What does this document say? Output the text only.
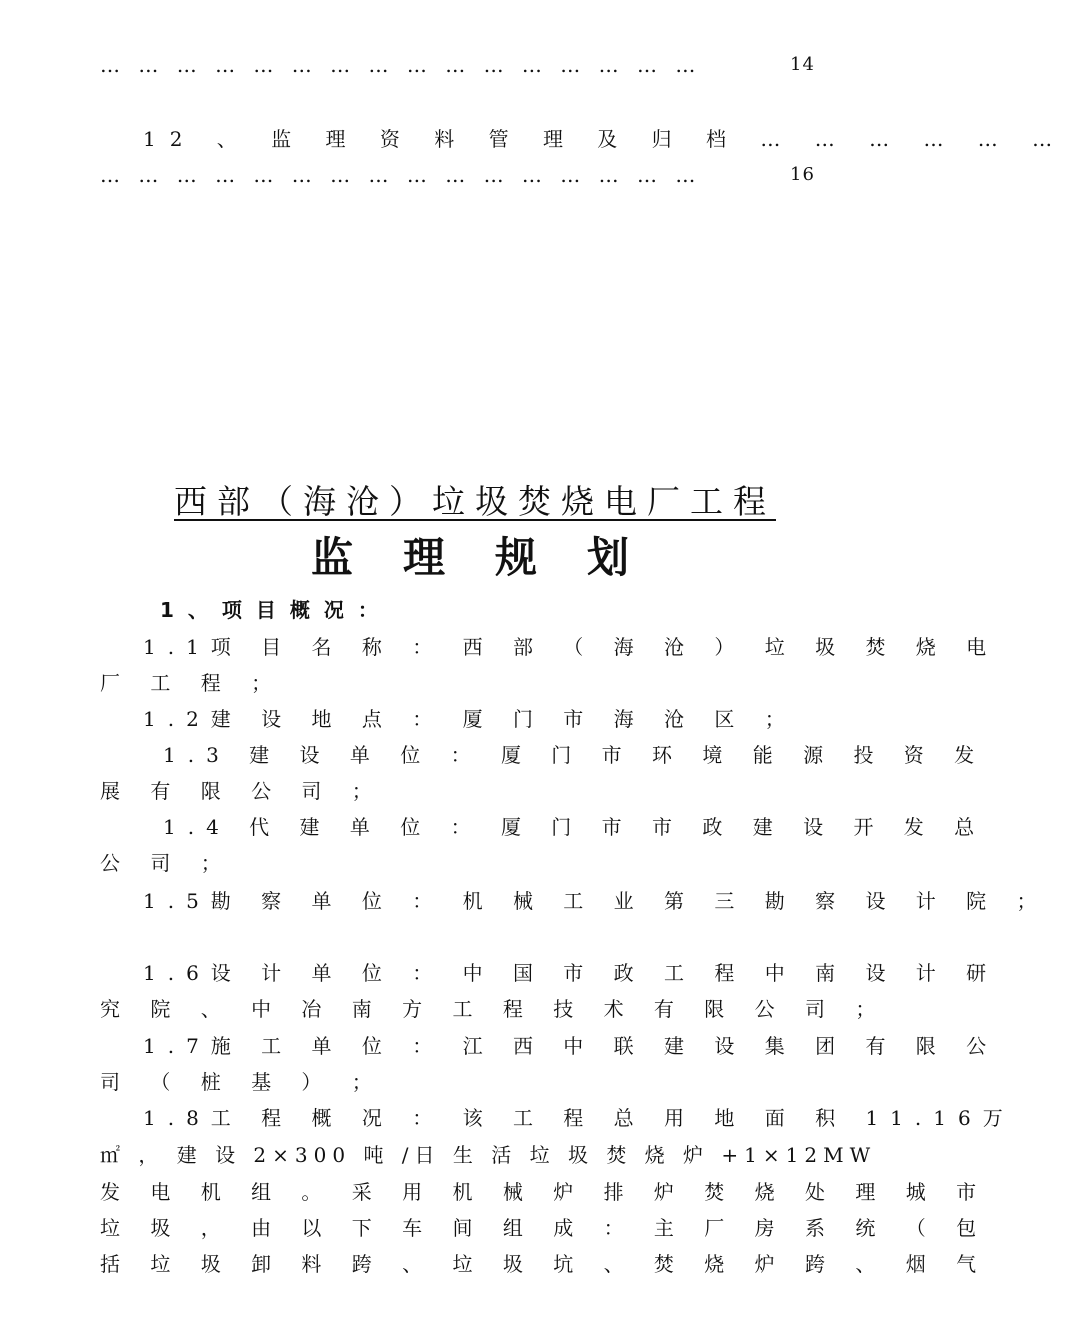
… … … … … … … … … … … … … … … …	14
12 、 监 理 资 料 管 理 及 归 档 … … … … … …
… … … … … … … … … … … … … … … …	16
西部（海沧）垃圾焚烧电厂工程
监理规划
1、项目概况：
1.1项 目 名 称 ： 西 部 （ 海 沧 ） 垃 圾 焚 烧 电
厂 工 程 ；
1.2建 设 地 点 ： 厦 门 市 海 沧 区 ；
1.3 建 设 单 位 ： 厦 门 市 环 境 能 源 投 资 发
展 有 限 公 司 ；
1.4 代 建 单 位 ： 厦 门 市 市 政 建 设 开 发 总
公 司 ；
1.5勘 察 单 位 ： 机 械 工 业 第 三 勘 察 设 计 院 ；
1.6设 计 单 位 ： 中 国 市 政 工 程 中 南 设 计 研
究 院 、 中 冶 南 方 工 程 技 术 有 限 公 司 ；
1.7施 工 单 位 ： 江 西 中 联 建 设 集 团 有 限 公
司 （ 桩 基 ） ；
1.8工 程 概 况 ： 该 工 程 总 用 地 面 积 11.16万
㎡ ， 建 设 2×300 吨 /日 生 活 垃 圾 焚 烧 炉 +1×12MW
发 电 机 组 。 采 用 机 械 炉 排 炉 焚 烧 处 理 城 市
垃 圾 ， 由 以 下 车 间 组 成 ： 主 厂 房 系 统 （ 包
括 垃 圾 卸 料 跨 、 垃 圾 坑 、 焚 烧 炉 跨 、 烟 气
